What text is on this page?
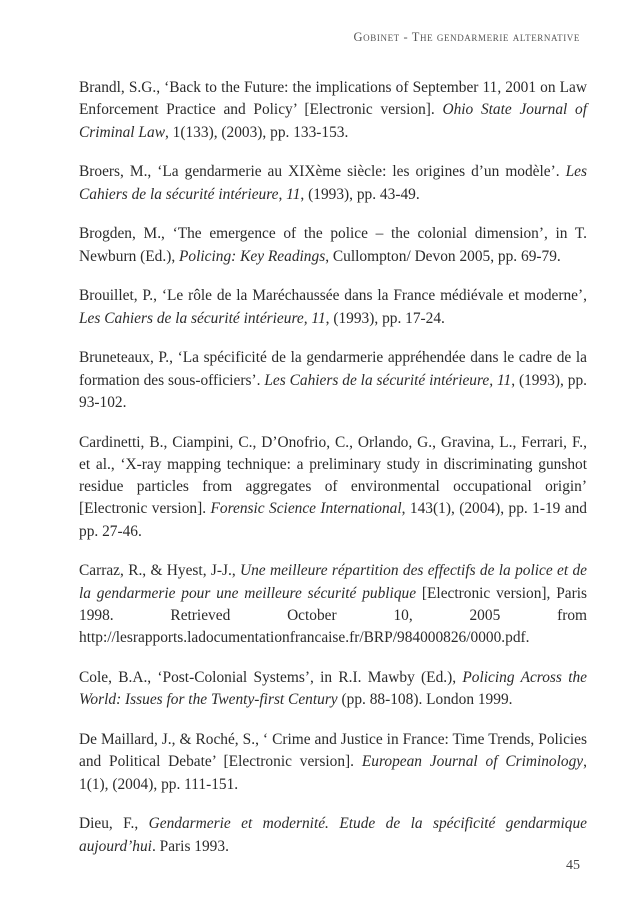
Gobinet - The gendarmerie alternative

Brandl, S.G., ‘Back to the Future: the implications of September 11, 2001 on Law Enforcement Practice and Policy’ [Electronic version]. Ohio State Journal of Criminal Law, 1(133), (2003), pp. 133-153.

Broers, M., ‘La gendarmerie au XIXème siècle: les origines d’un modèle’. Les Cahiers de la sécurité intérieure, 11, (1993), pp. 43-49.

Brogden, M., ‘The emergence of the police – the colonial dimension’, in T. Newburn (Ed.), Policing: Key Readings, Cullompton/ Devon 2005, pp. 69-79.

Brouillet, P., ‘Le rôle de la Maréchaussée dans la France médiévale et moderne’, Les Cahiers de la sécurité intérieure, 11, (1993), pp. 17-24.

Bruneteaux, P., ‘La spécificité de la gendarmerie appréhendée dans le cadre de la formation des sous-officiers’. Les Cahiers de la sécurité intérieure, 11, (1993), pp. 93-102.

Cardinetti, B., Ciampini, C., D’Onofrio, C., Orlando, G., Gravina, L., Ferrari, F., et al., ‘X-ray mapping technique: a preliminary study in discriminating gunshot residue particles from aggregates of environmental occupational origin’ [Electronic version]. Forensic Science International, 143(1), (2004), pp. 1-19 and pp. 27-46.

Carraz, R., & Hyest, J-J., Une meilleure répartition des effectifs de la police et de la gendarmerie pour une meilleure sécurité publique [Electronic version], Paris 1998. Retrieved October 10, 2005 from http://lesrapports.ladocumentationfrancaise.fr/BRP/984000826/0000.pdf.

Cole, B.A., ‘Post-Colonial Systems’, in R.I. Mawby (Ed.), Policing Across the World: Issues for the Twenty-first Century (pp. 88-108). London 1999.

De Maillard, J., & Roché, S., ‘ Crime and Justice in France: Time Trends, Policies and Political Debate’ [Electronic version]. European Journal of Criminology, 1(1), (2004), pp. 111-151.

Dieu, F., Gendarmerie et modernité. Etude de la spécificité gendarmique aujourd’hui. Paris 1993.

45
